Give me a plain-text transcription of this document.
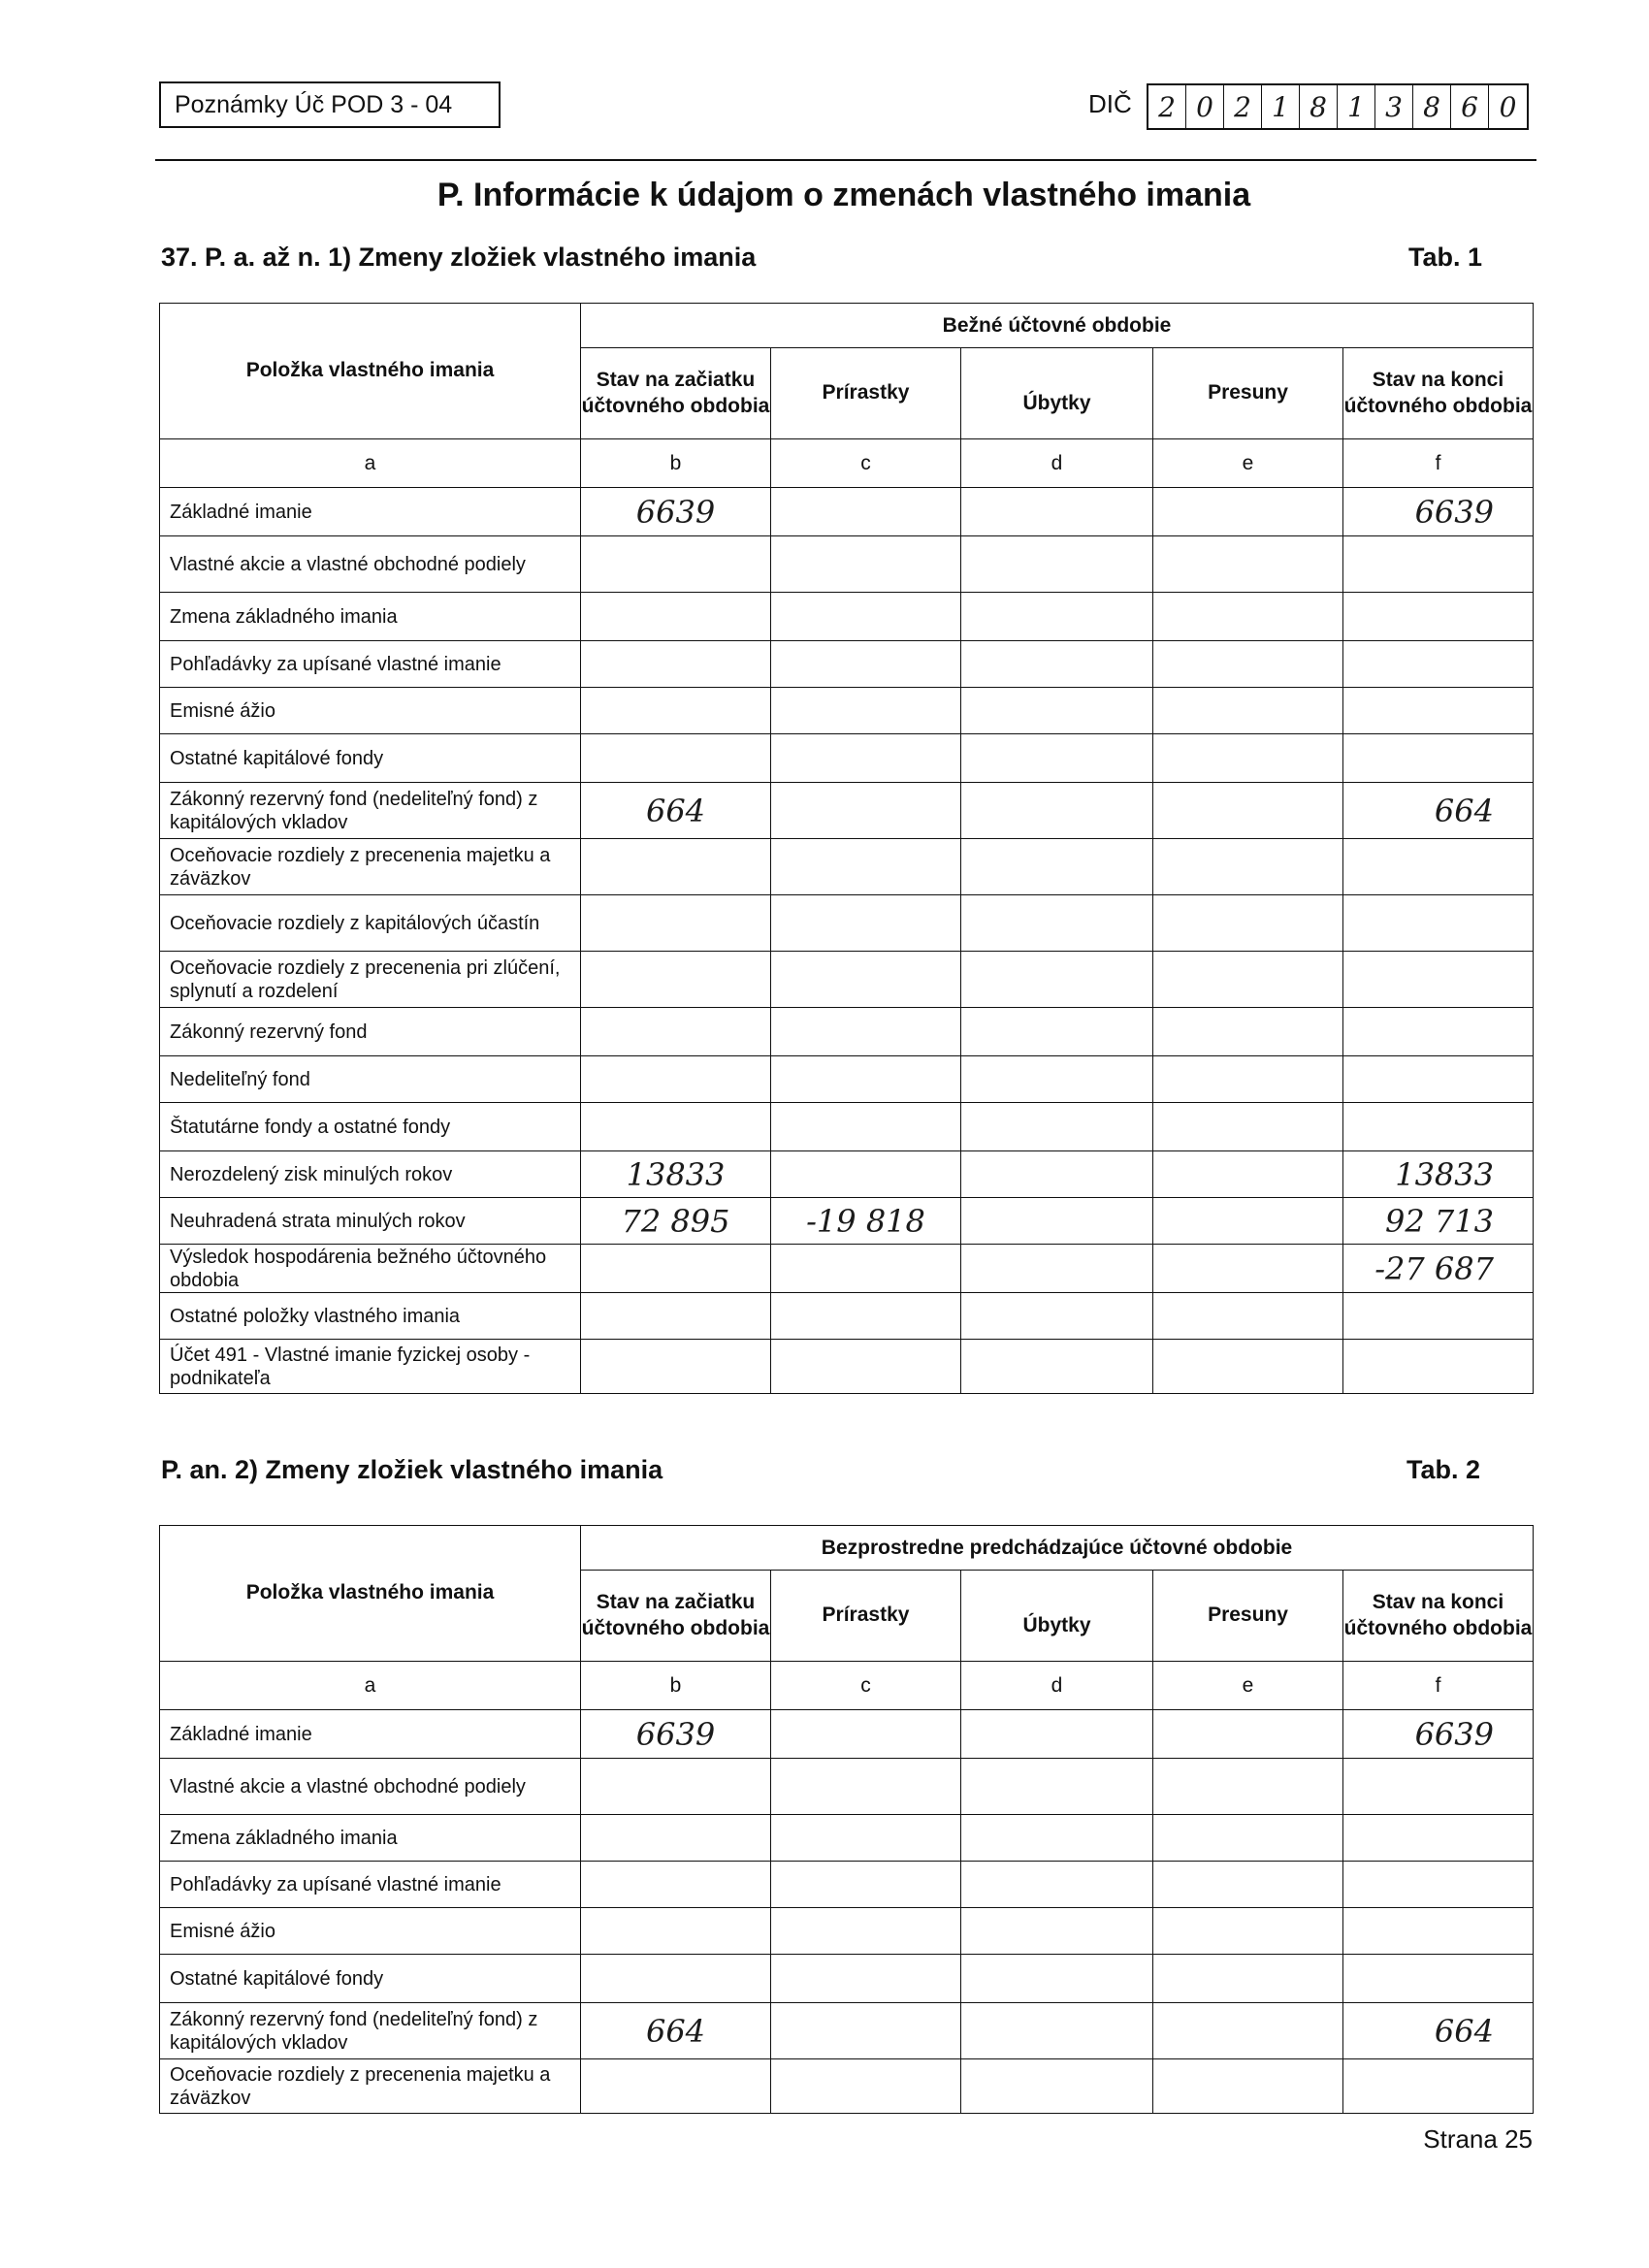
Poznámky Úč POD 3 - 04	DIČ 2 0 2 1 8 1 3 8 6 0
P. Informácie k údajom o zmenách vlastného imania
37. P. a. až n. 1) Zmeny zložiek vlastného imania	Tab. 1
Položka vlastného imania	Bežné účtovné obdobie				
	Stav na začiatku účtovného obdobia	Prírastky	Úbytky	Presuny	Stav na konci účtovného obdobia
a	b	c	d	e	f
Základné imanie	6639				6639
Vlastné akcie a vlastné obchodné podiely					
Zmena základného imania					
Pohľadávky za upísané vlastné imanie					
Emisné ážio					
Ostatné kapitálové fondy					
Zákonný rezervný fond (nedeliteľný fond) z kapitálových vkladov	664				664
Oceňovacie rozdiely z precenenia majetku a záväzkov					
Oceňovacie rozdiely z kapitálových účastín					
Oceňovacie rozdiely z precenenia pri zlúčení, splynutí a rozdelení					
Zákonný rezervný fond					
Nedeliteľný fond					
Štatutárne fondy a ostatné fondy					
Nerozdelený zisk minulých rokov	13833				13833
Neuhradená strata minulých rokov	72 895	-19 818			92 713
Výsledok hospodárenia bežného účtovného obdobia					-27 687
Ostatné položky vlastného imania					
Účet 491 - Vlastné imanie fyzickej osoby - podnikateľa					
P. an. 2) Zmeny zložiek vlastného imania	Tab. 2
Položka vlastného imania	Bezprostredne predchádzajúce účtovné obdobie				
	Stav na začiatku účtovného obdobia	Prírastky	Úbytky	Presuny	Stav na konci účtovného obdobia
a	b	c	d	e	f
Základné imanie	6639				6639
Vlastné akcie a vlastné obchodné podiely					
Zmena základného imania					
Pohľadávky za upísané vlastné imanie					
Emisné ážio					
Ostatné kapitálové fondy					
Zákonný rezervný fond (nedeliteľný fond) z kapitálových vkladov	664				664
Oceňovacie rozdiely z precenenia majetku a záväzkov					
Strana 25
